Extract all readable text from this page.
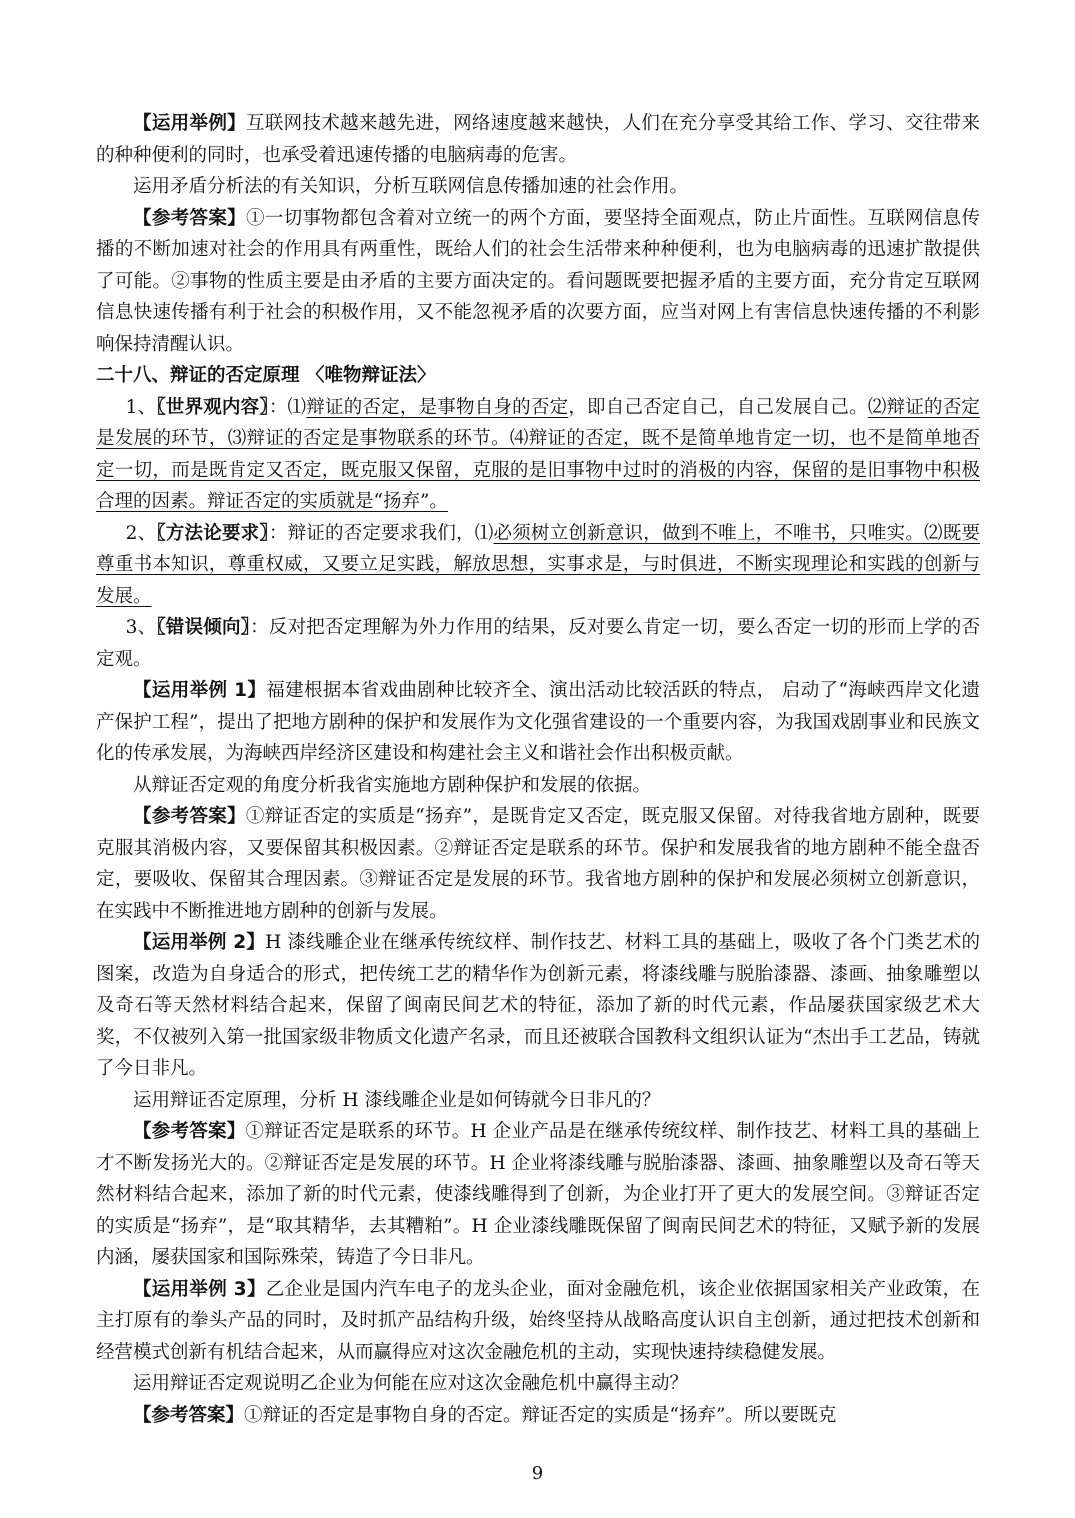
【运用举例】互联网技术越来越先进，网络速度越来越快，人们在充分享受其给工作、学习、交往带来的种种便利的同时，也承受着迅速传播的电脑病毒的危害。

运用矛盾分析法的有关知识，分析互联网信息传播加速的社会作用。

【参考答案】①一切事物都包含着对立统一的两个方面，要坚持全面观点，防止片面性。互联网信息传播的不断加速对社会的作用具有两重性，既给人们的社会生活带来种种便利，也为电脑病毒的迅速扩散提供了可能。②事物的性质主要是由矛盾的主要方面决定的。看问题既要把握矛盾的主要方面，充分肯定互联网信息快速传播有利于社会的积极作用，又不能忽视矛盾的次要方面，应当对网上有害信息快速传播的不利影响保持清醒认识。

二十八、辩证的否定原理 〈唯物辩证法〉

1、〖世界观内容〗：⑴辩证的否定，是事物自身的否定，即自己否定自己，自己发展自己。⑵辩证的否定是发展的环节，⑶辩证的否定是事物联系的环节。⑷辩证的否定，既不是简单地肯定一切，也不是简单地否定一切，而是既肯定又否定，既克服又保留，克服的是旧事物中过时的消极的内容，保留的是旧事物中积极合理的因素。辩证否定的实质就是“扬弃”。

2、〖方法论要求〗：辩证的否定要求我们，⑴必须树立创新意识，做到不唯上，不唯书，只唯实。⑵既要尊重书本知识，尊重权威，又要立足实践，解放思想，实事求是，与时俱进，不断实现理论和实践的创新与发展。

3、〖错误倾向〗：反对把否定理解为外力作用的结果，反对要么肯定一切，要么否定一切的形而上学的否定观。

【运用举例 1】福建根据本省戏曲剧种比较齐全、演出活动比较活跃的特点， 启动了“海峡西岸文化遗产保护工程”，提出了把地方剧种的保护和发展作为文化强省建设的一个重要内容，为我国戏剧事业和民族文化的传承发展，为海峡西岸经济区建设和构建社会主义和谐社会作出积极贡献。

从辩证否定观的角度分析我省实施地方剧种保护和发展的依据。

【参考答案】①辩证否定的实质是“扬弃”，是既肯定又否定，既克服又保留。对待我省地方剧种，既要克服其消极内容，又要保留其积极因素。②辩证否定是联系的环节。保护和发展我省的地方剧种不能全盘否定，要吸收、保留其合理因素。③辩证否定是发展的环节。我省地方剧种的保护和发展必须树立创新意识，在实践中不断推进地方剧种的创新与发展。

【运用举例 2】H 漆线雕企业在继承传统纹样、制作技艺、材料工具的基础上，吸收了各个门类艺术的图案，改造为自身适合的形式，把传统工艺的精华作为创新元素，将漆线雕与脱胎漆器、漆画、抽象雕塑以及奇石等天然材料结合起来，保留了闽南民间艺术的特征，添加了新的时代元素，作品屡获国家级艺术大奖，不仅被列入第一批国家级非物质文化遗产名录，而且还被联合国教科文组织认证为“杰出手工艺品，铸就了今日非凡。

运用辩证否定原理，分析 H 漆线雕企业是如何铸就今日非凡的？

【参考答案】①辩证否定是联系的环节。H 企业产品是在继承传统纹样、制作技艺、材料工具的基础上才不断发扬光大的。②辩证否定是发展的环节。H 企业将漆线雕与脱胎漆器、漆画、抽象雕塑以及奇石等天然材料结合起来，添加了新的时代元素，使漆线雕得到了创新，为企业打开了更大的发展空间。③辩证否定的实质是“扬弃”，是“取其精华，去其糟粕”。H 企业漆线雕既保留了闽南民间艺术的特征，又赋予新的发展内涵，屡获国家和国际殊荣，铸造了今日非凡。

【运用举例 3】乙企业是国内汽车电子的龙头企业，面对金融危机，该企业依据国家相关产业政策，在主打原有的拳头产品的同时，及时抓产品结构升级，始终坚持从战略高度认识自主创新，通过把技术创新和经营模式创新有机结合起来，从而赢得应对这次金融危机的主动，实现快速持续稳健发展。

运用辩证否定观说明乙企业为何能在应对这次金融危机中赢得主动？

【参考答案】①辩证的否定是事物自身的否定。辩证否定的实质是“扬弃”。所以要既克

9
